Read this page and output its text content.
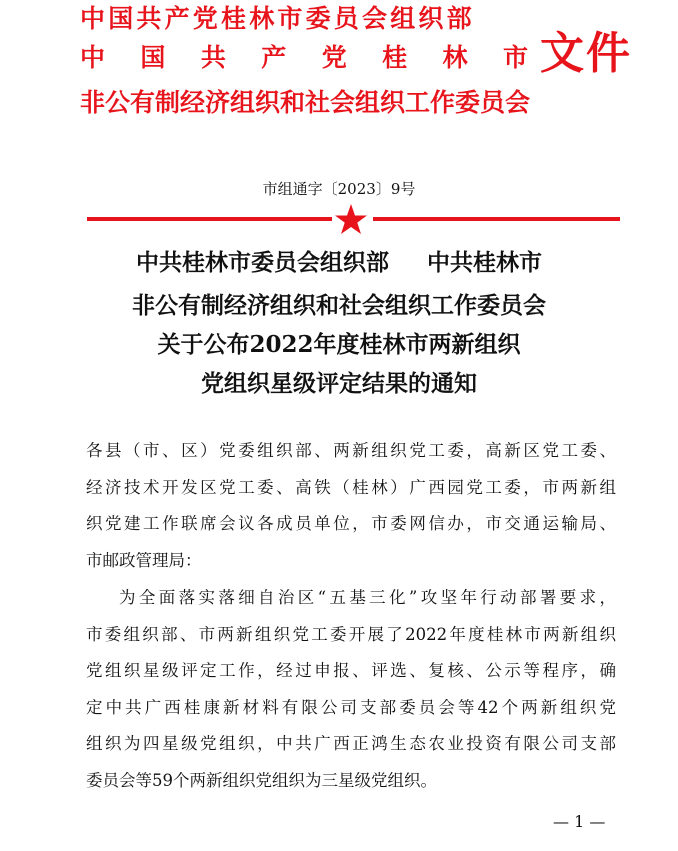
中国共产党桂林市委员会组织部
中 国 共 产 党 桂 林 市
非公有制经济组织和社会组织工作委员会
文件
市组通字〔2023〕9号
中共桂林市委员会组织部 中共桂林市
非公有制经济组织和社会组织工作委员会
关于公布2022年度桂林市两新组织
党组织星级评定结果的通知
各县（市、区）党委组织部、两新组织党工委，高新区党工委、
经济技术开发区党工委、高铁（桂林）广西园党工委，市两新组
织党建工作联席会议各成员单位，市委网信办，市交通运输局、
市邮政管理局：
为全面落实落细自治区“五基三化”攻坚年行动部署要求，
市委组织部、市两新组织党工委开展了2022年度桂林市两新组织
党组织星级评定工作，经过申报、评选、复核、公示等程序，确
定中共广西桂康新材料有限公司支部委员会等42个两新组织党
组织为四星级党组织，中共广西正鸿生态农业投资有限公司支部
委员会等59个两新组织党组织为三星级党组织。
— 1 —
